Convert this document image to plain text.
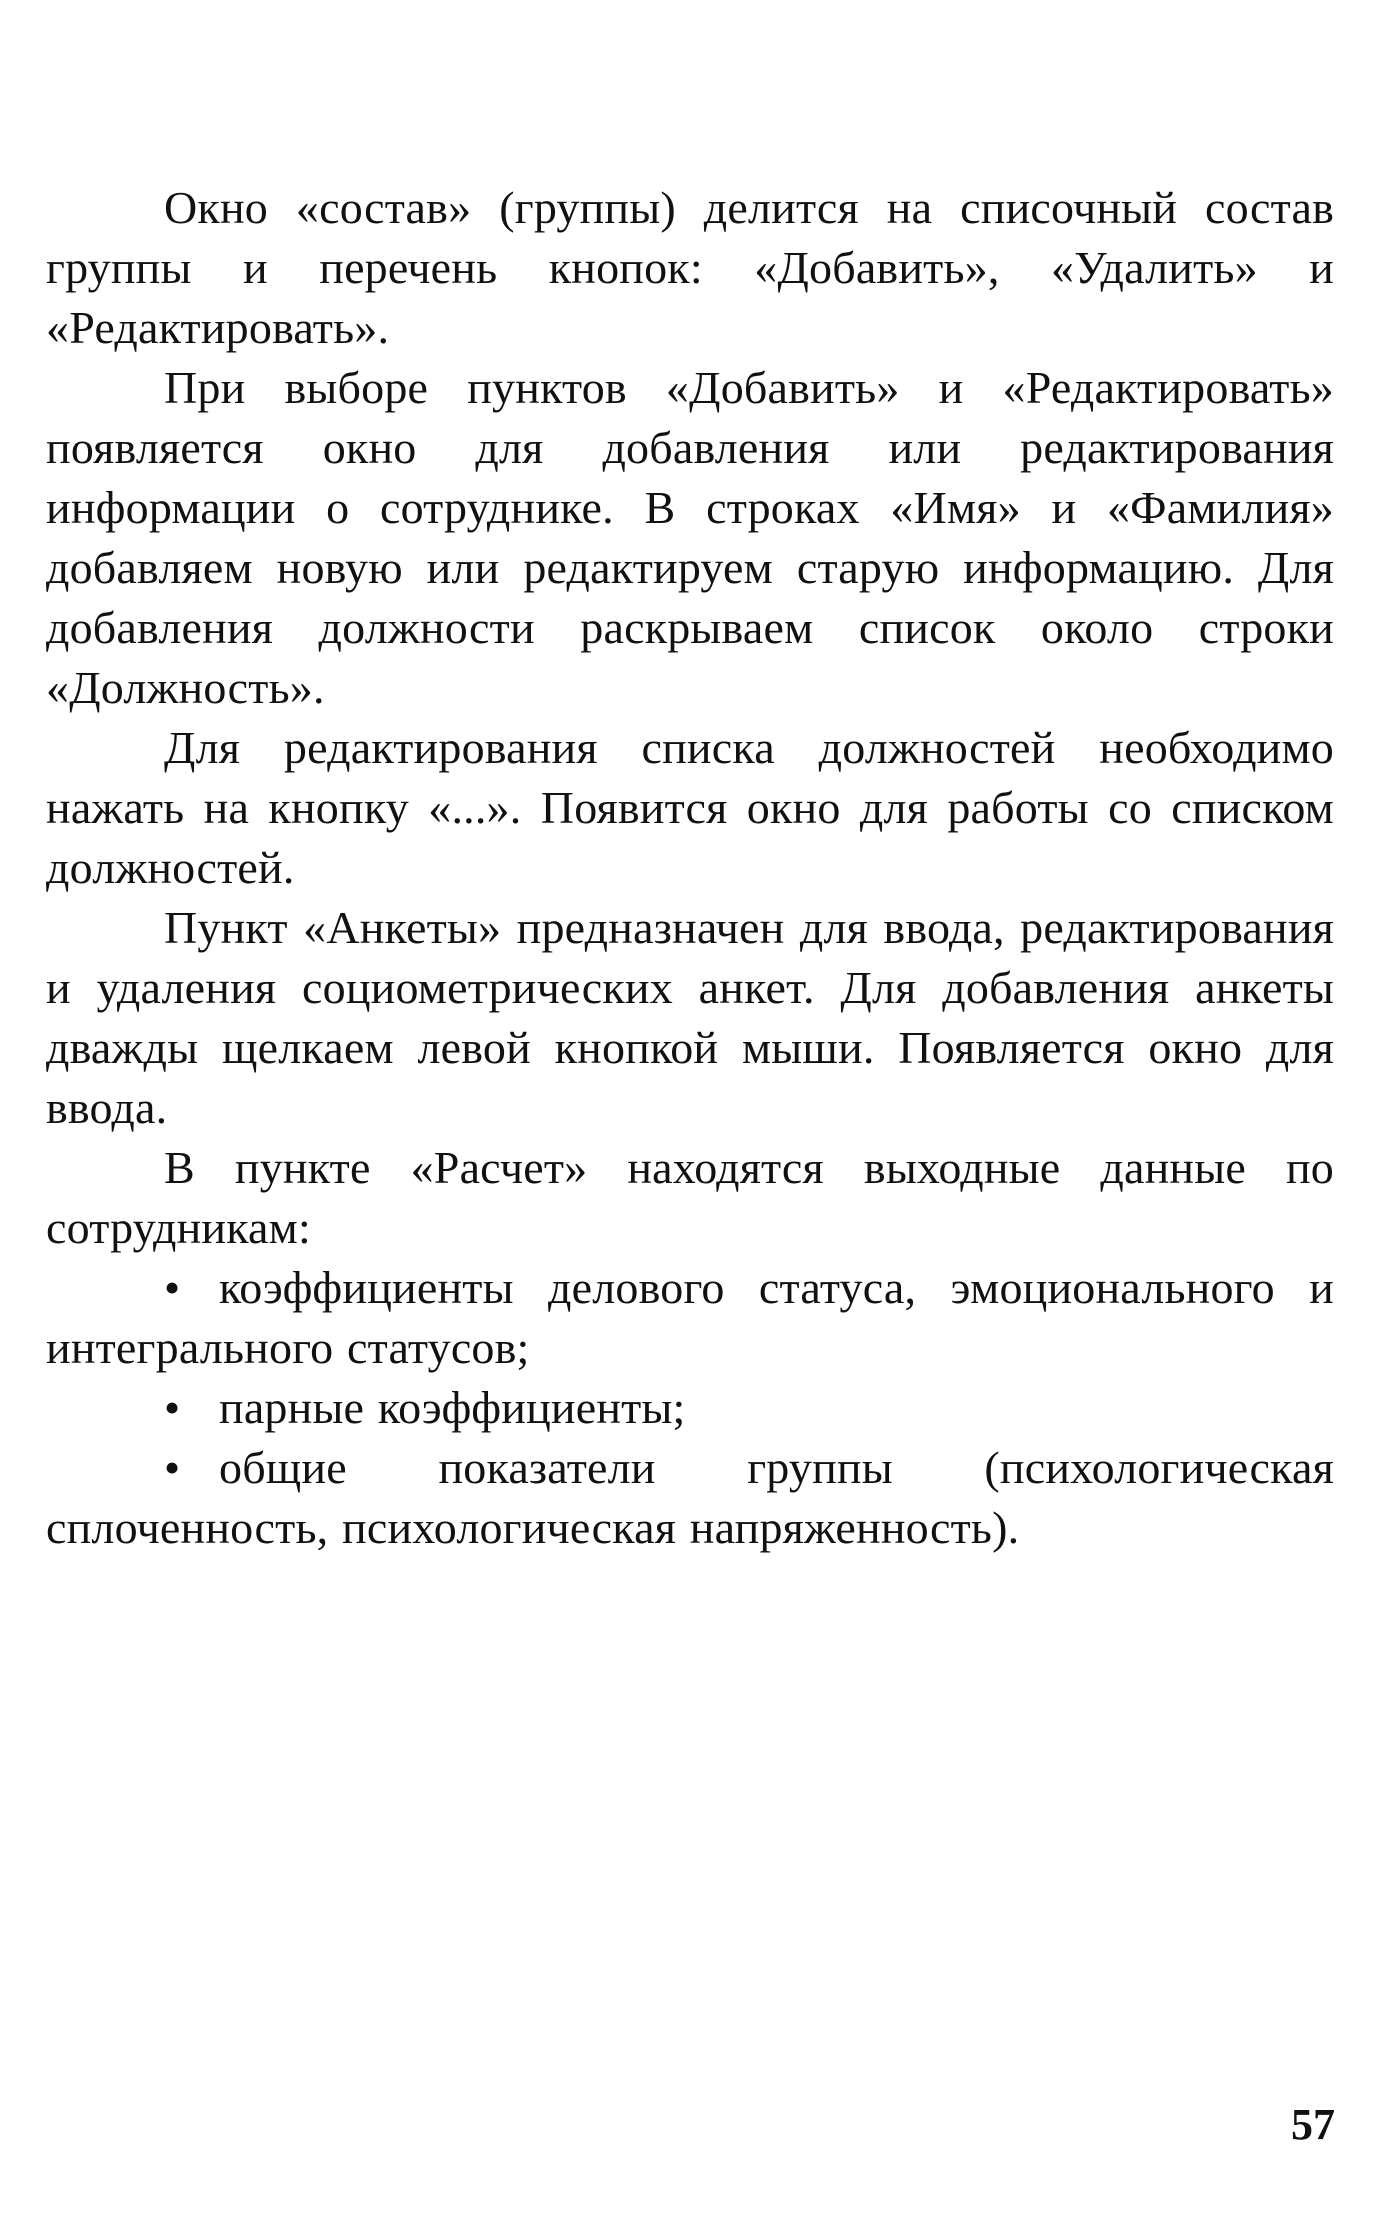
Окно «состав» (группы) делится на списочный состав группы и перечень кнопок: «Добавить», «Удалить» и «Редактировать».

При выборе пунктов «Добавить» и «Редактировать» появляется окно для добавления или редактирования информации о сотруднике. В строках «Имя» и «Фамилия» добавляем новую или редактируем старую информацию. Для добавления должности раскрываем список около строки «Должность».

Для редактирования списка должностей необходимо нажать на кнопку «...». Появится окно для работы со списком должностей.

Пункт «Анкеты» предназначен для ввода, редактирования и удаления социометрических анкет. Для добавления анкеты дважды щелкаем левой кнопкой мыши. Появляется окно для ввода.

В пункте «Расчет» находятся выходные данные по сотрудникам:

• коэффициенты делового статуса, эмоционального и интегрального статусов;
• парные коэффициенты;
• общие показатели группы (психологическая сплоченность, психологическая напряженность).
57
